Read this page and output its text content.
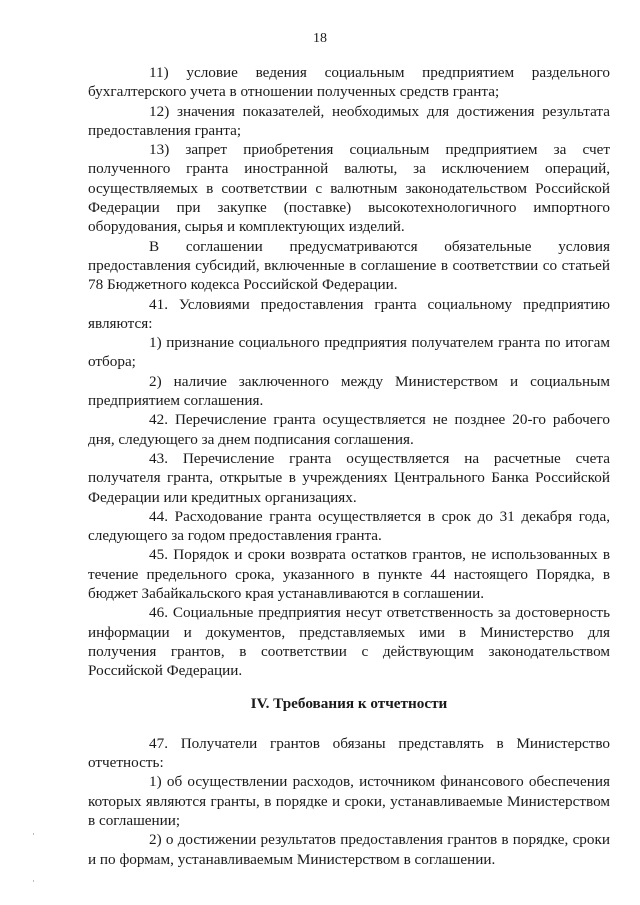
18

11) условие ведения социальным предприятием раздельного бухгалтерского учета в отношении полученных средств гранта;

12) значения показателей, необходимых для достижения результата предоставления гранта;

13) запрет приобретения социальным предприятием за счет полученного гранта иностранной валюты, за исключением операций, осуществляемых в соответствии с валютным законодательством Российской Федерации при закупке (поставке) высокотехнологичного импортного оборудования, сырья и комплектующих изделий.

В соглашении предусматриваются обязательные условия предоставления субсидий, включенные в соглашение в соответствии со статьей 78 Бюджетного кодекса Российской Федерации.

41. Условиями предоставления гранта социальному предприятию являются:

1) признание социального предприятия получателем гранта по итогам отбора;

2) наличие заключенного между Министерством и социальным предприятием соглашения.

42. Перечисление гранта осуществляется не позднее 20-го рабочего дня, следующего за днем подписания соглашения.

43. Перечисление гранта осуществляется на расчетные счета получателя гранта, открытые в учреждениях Центрального Банка Российской Федерации или кредитных организациях.

44. Расходование гранта осуществляется в срок до 31 декабря года, следующего за годом предоставления гранта.

45. Порядок и сроки возврата остатков грантов, не использованных в течение предельного срока, указанного в пункте 44 настоящего Порядка, в бюджет Забайкальского края устанавливаются в соглашении.

46. Социальные предприятия несут ответственность за достоверность информации и документов, представляемых ими в Министерство для получения грантов, в соответствии с действующим законодательством Российской Федерации.

IV. Требования к отчетности

47. Получатели грантов обязаны представлять в Министерство отчетность:

1) об осуществлении расходов, источником финансового обеспечения которых являются гранты, в порядке и сроки, устанавливаемые Министерством в соглашении;

2) о достижении результатов предоставления грантов в порядке, сроки и по формам, устанавливаемым Министерством в соглашении.
